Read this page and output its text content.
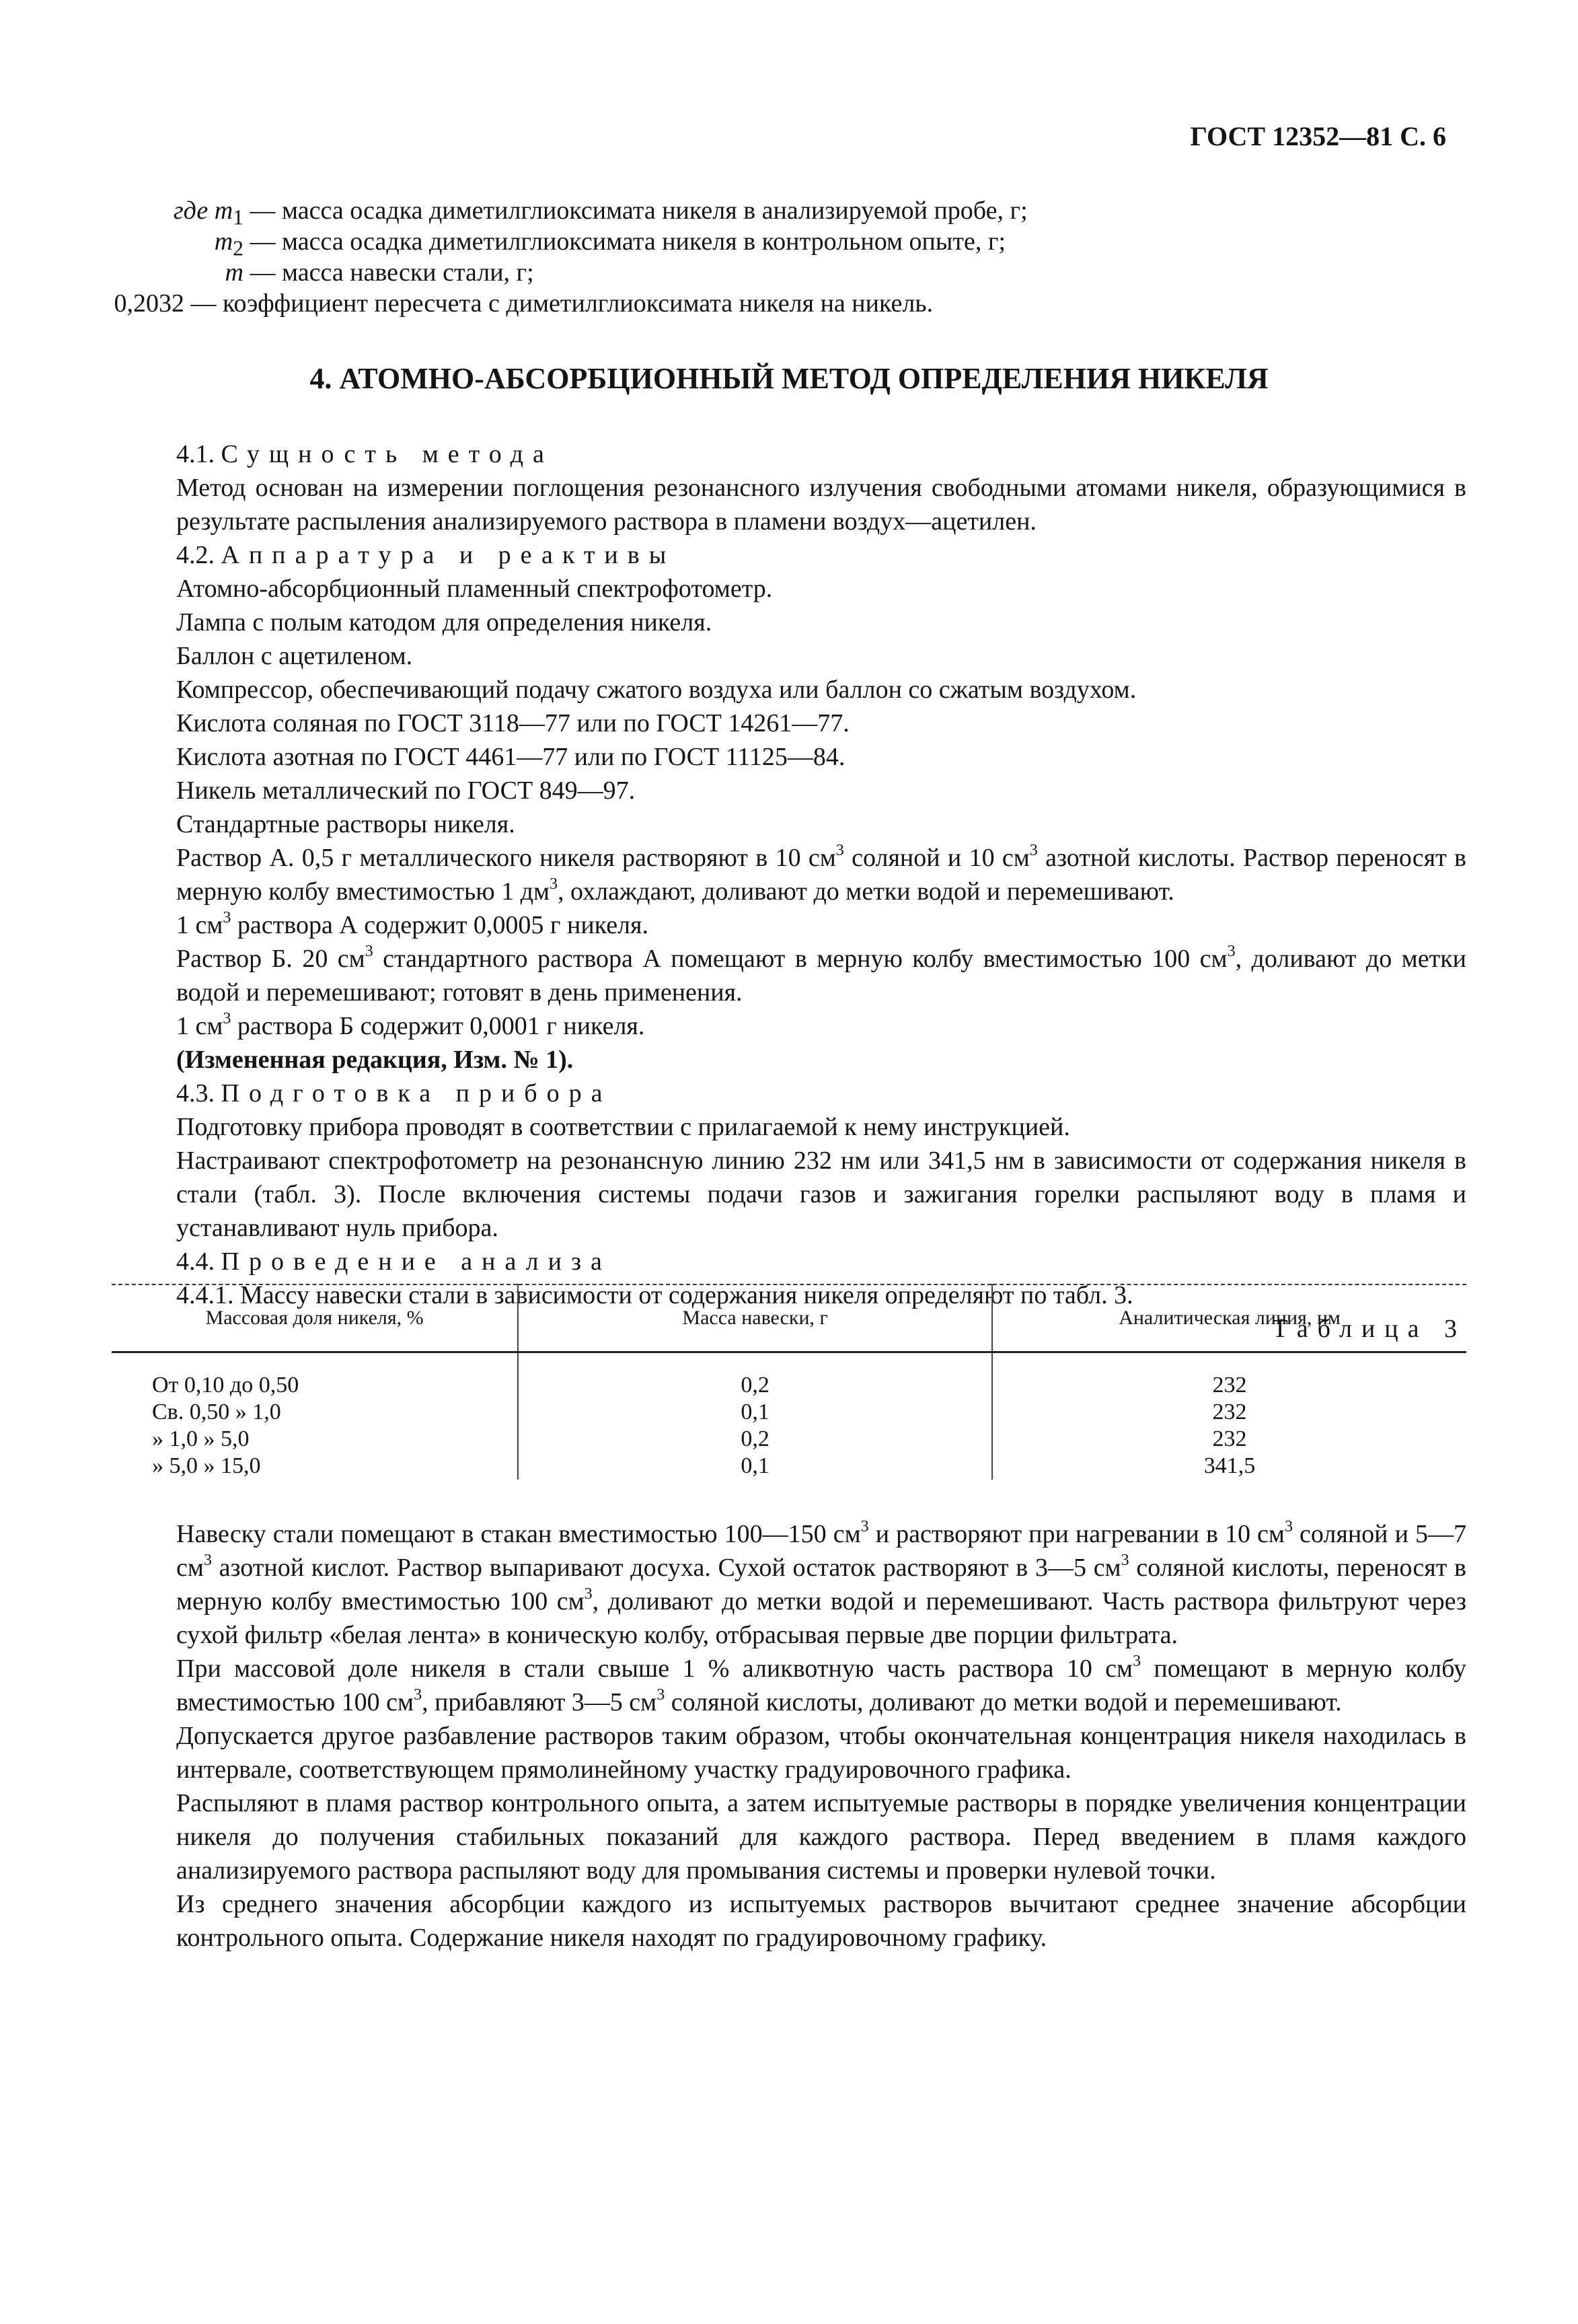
ГОСТ 12352—81 С. 6
где $m_1$ — масса осадка диметилглиоксимата никеля в анализируемой пробе, г;
$m_2$ — масса осадка диметилглиоксимата никеля в контрольном опыте, г;
m — масса навески стали, г;
0,2032 — коэффициент пересчета с диметилглиоксимата никеля на никель.
4. АТОМНО-АБСОРБЦИОННЫЙ МЕТОД ОПРЕДЕЛЕНИЯ НИКЕЛЯ

4.1. Сущность метода

Метод основан на измерении поглощения резонансного излучения свободными атомами никеля, образующимися в результате распыления анализируемого раствора в пламени воздух—ацетилен.

4.2. Аппаратура и реактивы

Атомно-абсорбционный пламенный спектрофотометр.

Лампа с полым катодом для определения никеля.

Баллон с ацетиленом.

Компрессор, обеспечивающий подачу сжатого воздуха или баллон со сжатым воздухом.

Кислота соляная по ГОСТ 3118—77 или по ГОСТ 14261—77.

Кислота азотная по ГОСТ 4461—77 или по ГОСТ 11125—84.

Никель металлический по ГОСТ 849—97.

Стандартные растворы никеля.

Раствор А. 0,5 г металлического никеля растворяют в 10 $см^3$ соляной и 10 $см^3$ азотной кислоты. Раствор переносят в мерную колбу вместимостью 1 $дм^3$, охлаждают, доливают до метки водой и перемешивают.

1 $см^3$ раствора А содержит 0,0005 г никеля.

Раствор Б. 20 $см^3$ стандартного раствора А помещают в мерную колбу вместимостью 100 $см^3$, доливают до метки водой и перемешивают; готовят в день применения.

1 $см^3$ раствора Б содержит 0,0001 г никеля.

(Измененная редакция, Изм. № 1).

4.3. Подготовка прибора

Подготовку прибора проводят в соответствии с прилагаемой к нему инструкцией.

Настраивают спектрофотометр на резонансную линию 232 нм или 341,5 нм в зависимости от содержания никеля в стали (табл. 3). После включения системы подачи газов и зажигания горелки распыляют воду в пламя и устанавливают нуль прибора.

4.4. Проведение анализа

4.4.1. Массу навески стали в зависимости от содержания никеля определяют по табл. 3.

Таблица 3

Массовая доля никеля, %	Масса навески, г	Аналитическая линия, нм
От 0,10 до 0,50	0,2	232
Св. 0,50 » 1,0	0,1	232
» 1,0 » 5,0	0,2	232
» 5,0 » 15,0	0,1	341,5

Навеску стали помещают в стакан вместимостью 100—150 $см^3$ и растворяют при нагревании в 10 $см^3$ соляной и 5—7 $см^3$ азотной кислот. Раствор выпаривают досуха. Сухой остаток растворяют в 3—5 $см^3$ соляной кислоты, переносят в мерную колбу вместимостью 100 $см^3$, доливают до метки водой и перемешивают. Часть раствора фильтруют через сухой фильтр «белая лента» в коническую колбу, отбрасывая первые две порции фильтрата.

При массовой доле никеля в стали свыше 1 % аликвотную часть раствора 10 $см^3$ помещают в мерную колбу вместимостью 100 $см^3$, прибавляют 3—5 $см^3$ соляной кислоты, доливают до метки водой и перемешивают.

Допускается другое разбавление растворов таким образом, чтобы окончательная концентрация никеля находилась в интервале, соответствующем прямолинейному участку градуировочного графика.

Распыляют в пламя раствор контрольного опыта, а затем испытуемые растворы в порядке увеличения концентрации никеля до получения стабильных показаний для каждого раствора. Перед введением в пламя каждого анализируемого раствора распыляют воду для промывания системы и проверки нулевой точки.

Из среднего значения абсорбции каждого из испытуемых растворов вычитают среднее значение абсорбции контрольного опыта. Содержание никеля находят по градуировочному графику.
